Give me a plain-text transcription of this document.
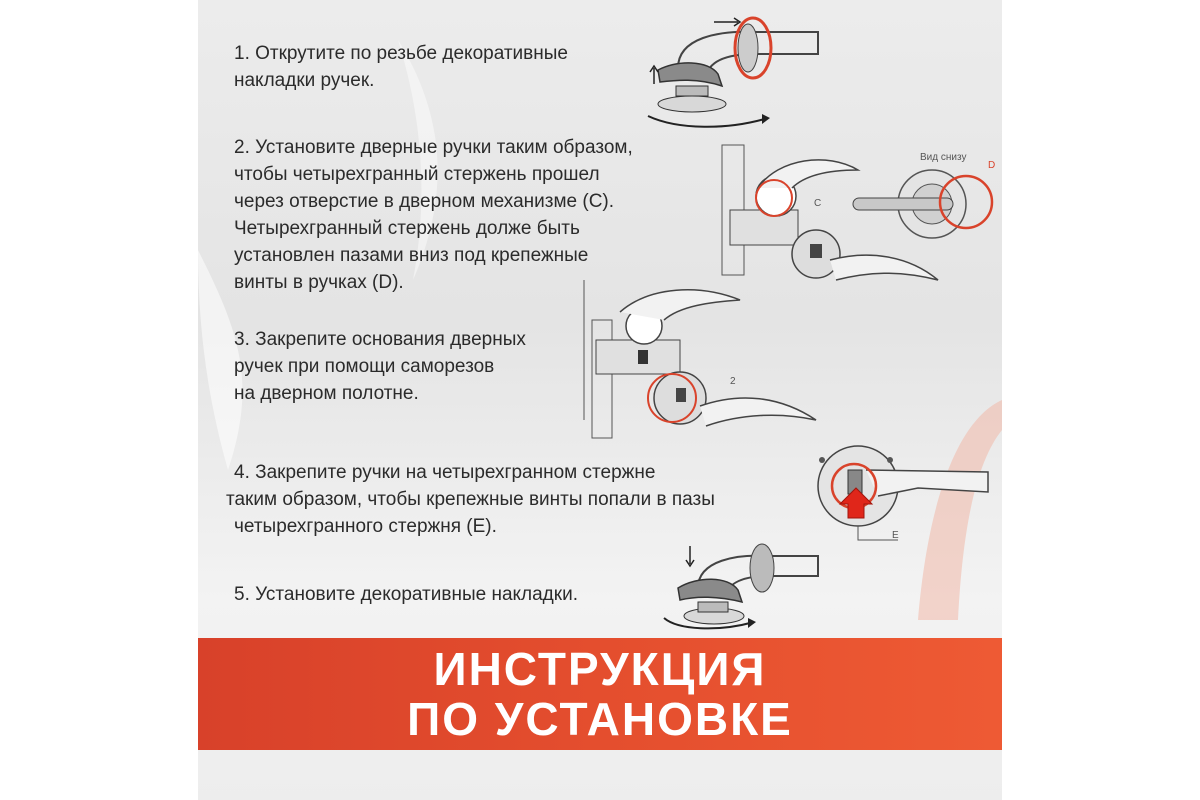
1. Открутите по резьбе декоративные
накладки ручек.
2. Установите дверные ручки таким образом,
чтобы четырехгранный стержень прошел
через отверстие в дверном механизме (C).
Четырехгранный стержень долже быть
установлен пазами вниз под крепежные
винты в ручках (D).
3. Закрепите основания дверных
ручек при помощи саморезов
на дверном полотне.
4. Закрепите ручки на четырехгранном стержне
таким образом, чтобы крепежные винты попали в пазы
четырехгранного стержня (E).
5. Установите декоративные накладки.
C
Вид снизу
D
2
E
ИНСТРУКЦИЯ
ПО УСТАНОВКЕ
